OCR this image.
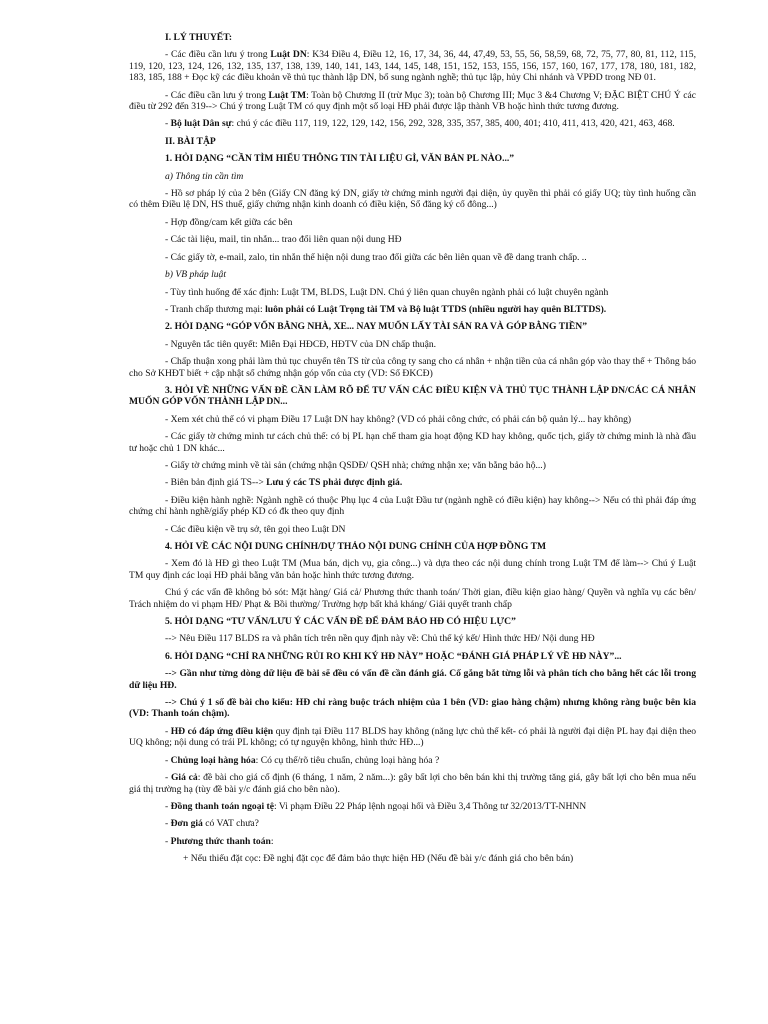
I. LÝ THUYẾT:

- Các điều cần lưu ý trong Luật DN: K34 Điều 4, Điều 12, 16, 17, 34, 36, 44, 47,49, 53, 55, 56, 58,59, 68, 72, 75, 77, 80, 81, 112, 115, 119, 120, 123, 124, 126, 132, 135, 137, 138, 139, 140, 141, 143, 144, 145, 148, 151, 152, 153, 155, 156, 157, 160, 167, 177, 178, 180, 181, 182, 183, 185, 188 + Đọc kỹ các điều khoản về thủ tục thành lập DN, bổ sung ngành nghề; thủ tục lập, hủy Chi nhánh và VPĐD trong NĐ 01.

- Các điều cần lưu ý trong Luật TM: Toàn bộ Chương II (trừ Mục 3); toàn bộ Chương III; Mục 3 &4 Chương V; ĐẶC BIỆT CHÚ Ý các điều từ 292 đến 319--> Chú ý trong Luật TM có quy định một số loại HĐ phải được lập thành VB hoặc hình thức tương đương.

- Bộ luật Dân sự: chú ý các điều 117, 119, 122, 129, 142, 156, 292, 328, 335, 357, 385, 400, 401; 410, 411, 413, 420, 421, 463, 468.

II. BÀI TẬP

1. HỎI DẠNG “CẦN TÌM HIỂU THÔNG TIN TÀI LIỆU GÌ, VĂN BẢN PL NÀO...”

a) Thông tin cần tìm

- Hồ sơ pháp lý của 2 bên (Giấy CN đăng ký DN, giấy tờ chứng minh người đại diện, ủy quyền thì phải có giấy UQ; tùy tình huống cần có thêm Điều lệ DN, HS thuế, giấy chứng nhận kinh doanh có điều kiện, Sổ đăng ký cổ đông...)

- Hợp đồng/cam kết giữa các bên

- Các tài liệu, mail, tin nhắn... trao đổi liên quan nội dung HĐ

- Các giấy tờ, e-mail, zalo, tin nhắn thể hiện nội dung trao đổi giữa các bên liên quan về đề dang tranh chấp. ..

b) VB pháp luật

- Tùy tình huống để xác định: Luật TM, BLDS, Luật DN. Chú ý liên quan chuyên ngành phải có luật chuyên ngành

- Tranh chấp thương mại: luôn phải có Luật Trọng tài TM và Bộ luật TTDS (nhiều người hay quên BLTTDS).

2. HỎI DẠNG “GÓP VỐN BẰNG NHÀ, XE... NAY MUỐN LẤY TÀI SẢN RA VÀ GÓP BẰNG TIỀN”

- Nguyên tắc tiên quyết: Miễn Đại HĐCĐ, HĐTV của DN chấp thuận.

- Chấp thuận xong phải làm thủ tục chuyển tên TS từ của công ty sang cho cá nhân + nhận tiền của cá nhân góp vào thay thế + Thông báo cho Sở KHĐT biết + cập nhật sổ chứng nhận góp vốn của cty (VD: Sổ ĐKCĐ)

3. HỎI VỀ NHỮNG VẤN ĐỀ CẦN LÀM RÕ ĐỂ TƯ VẤN CÁC ĐIỀU KIỆN VÀ THỦ TỤC THÀNH LẬP DN/CÁC CÁ NHÂN MUỐN GÓP VỐN THÀNH LẬP DN...

- Xem xét chủ thể có vi phạm Điều 17 Luật DN hay không? (VD có phải công chức, có phải cán bộ quản lý... hay không)

- Các giấy tờ chứng minh tư cách chủ thể: có bị PL hạn chế tham gia hoạt động KD hay không, quốc tịch, giấy tờ chứng minh là nhà đầu tư hoặc chủ 1 DN khác...

- Giấy tờ chứng minh về tài sản (chứng nhận QSDĐ/ QSH nhà; chứng nhận xe; văn bằng bảo hộ...)

- Biên bản định giá TS--> Lưu ý các TS phải được định giá.

- Điều kiện hành nghề: Ngành nghề có thuộc Phụ lục 4 của Luật Đầu tư (ngành nghề có điều kiện) hay không--> Nếu có thì phải đáp ứng chứng chỉ hành nghề/giấy phép KD có đk theo quy định

- Các điều kiện về trụ sở, tên gọi theo Luật DN

4. HỎI VỀ CÁC NỘI DUNG CHÍNH/DỰ THẢO NỘI DUNG CHÍNH CỦA HỢP ĐỒNG TM

- Xem đó là HĐ gì theo Luật TM (Mua bán, dịch vụ, gia công...) và dựa theo các nội dung chính trong Luật TM để làm--> Chú ý Luật TM quy định các loại HĐ phải bằng văn bản hoặc hình thức tương đương.

Chú ý các vấn đề không bỏ sót: Mặt hàng/ Giá cả/ Phương thức thanh toán/ Thời gian, điều kiện giao hàng/ Quyền và nghĩa vụ các bên/ Trách nhiệm do vi phạm HĐ/ Phạt & Bồi thường/ Trường hợp bất khả kháng/ Giải quyết tranh chấp

5. HỎI DẠNG “TƯ VẤN/LƯU Ý CÁC VẤN ĐỀ ĐỂ ĐẢM BẢO HĐ CÓ HIỆU LỰC”

--> Nêu Điều 117 BLDS ra và phân tích trên nền quy định này về: Chủ thể ký kết/ Hình thức HĐ/ Nội dung HĐ

6. HỎI DẠNG “CHỈ RA NHỮNG RỦI RO KHI KÝ HĐ NÀY” HOẶC “ĐÁNH GIÁ PHÁP LÝ VỀ HĐ NÀY”...

--> Gần như từng dòng dữ liệu đề bài sẽ đều có vấn đề cần đánh giá. Cố gắng bắt từng lỗi và phân tích cho bằng hết các lỗi trong dữ liệu HĐ.

--> Chú ý 1 số đề bài cho kiểu: HĐ chỉ ràng buộc trách nhiệm của 1 bên (VD: giao hàng chậm) nhưng không ràng buộc bên kia (VD: Thanh toán chậm).

- HĐ có đáp ứng điều kiện quy định tại Điều 117 BLDS hay không (năng lực chủ thể kết- có phải là người đại diện PL hay đại diện theo UQ không; nội dung có trái PL không; có tự nguyện không, hình thức HĐ...)

- Chủng loại hàng hóa: Có cụ thể/rõ tiêu chuẩn, chủng loại hàng hóa ?

- Giá cả: đề bài cho giá cố định (6 tháng, 1 năm, 2 năm...): gây bất lợi cho bên bán khi thị trường tăng giá, gây bất lợi cho bên mua nếu giá thị trường hạ (tùy đề bài y/c đánh giá cho bên nào).

- Đồng thanh toán ngoại tệ: Vi phạm Điều 22 Pháp lệnh ngoại hối và Điều 3,4 Thông tư 32/2013/TT-NHNN

- Đơn giá có VAT chưa?

- Phương thức thanh toán:

+ Nếu thiếu đặt cọc: Đề nghị đặt cọc để đảm bảo thực hiện HĐ (Nếu đề bài y/c đánh giá cho bên bán)
